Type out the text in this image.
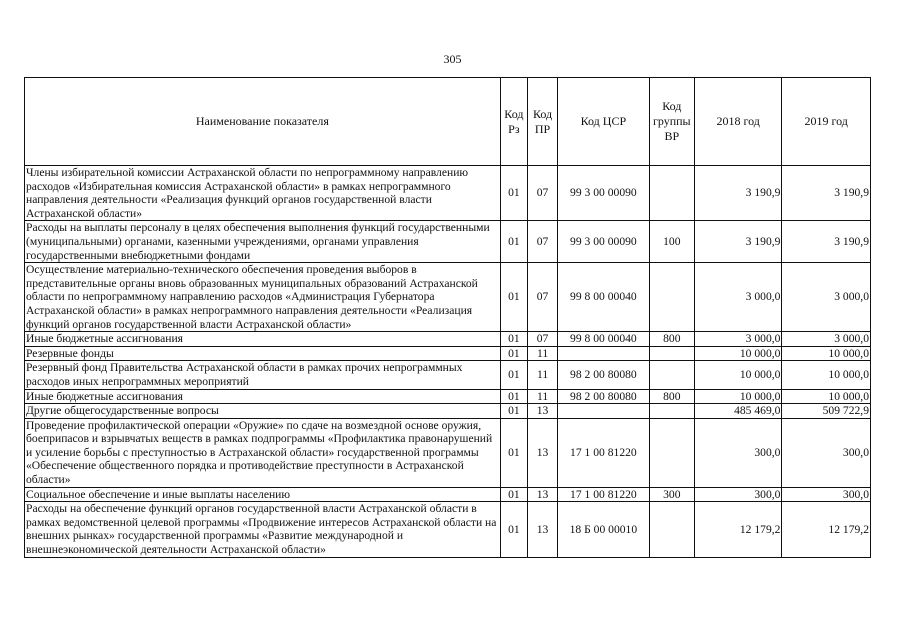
305
Наименование показателя	Код Рз	Код ПР	Код ЦСР	Код группы ВР	2018 год	2019 год
Члены избирательной комиссии Астраханской области по непрограммному направлению расходов «Избирательная комиссия Астраханской области» в рамках непрограммного направления деятельности «Реализация функций органов государственной власти Астраханской области»	01	07	99 3 00 00090		3 190,9	3 190,9
Расходы на выплаты персоналу в целях обеспечения выполнения функций государственными (муниципальными) органами, казенными учреждениями, органами управления государственными внебюджетными фондами	01	07	99 3 00 00090	100	3 190,9	3 190,9
Осуществление материально-технического обеспечения проведения выборов в представительные органы вновь образованных муниципальных образований Астраханской области по непрограммному направлению расходов «Администрация Губернатора Астраханской области» в рамках непрограммного направления деятельности «Реализация функций органов государственной власти Астраханской области»	01	07	99 8 00 00040		3 000,0	3 000,0
Иные бюджетные ассигнования	01	07	99 8 00 00040	800	3 000,0	3 000,0
Резервные фонды	01	11			10 000,0	10 000,0
Резервный фонд Правительства Астраханской области в рамках прочих непрограммных расходов иных непрограммных мероприятий	01	11	98 2 00 80080		10 000,0	10 000,0
Иные бюджетные ассигнования	01	11	98 2 00 80080	800	10 000,0	10 000,0
Другие общегосударственные вопросы	01	13			485 469,0	509 722,9
Проведение профилактической операции «Оружие» по сдаче на возмездной основе оружия, боеприпасов и взрывчатых веществ в рамках подпрограммы «Профилактика правонарушений и усиление борьбы с преступностью в Астраханской области» государственной программы «Обеспечение общественного порядка и противодействие преступности в Астраханской области»	01	13	17 1 00 81220		300,0	300,0
Социальное обеспечение и иные выплаты населению	01	13	17 1 00 81220	300	300,0	300,0
Расходы на обеспечение функций органов государственной власти Астраханской области в рамках ведомственной целевой программы «Продвижение интересов Астраханской области на внешних рынках» государственной программы «Развитие международной и внешнеэкономической деятельности Астраханской области»	01	13	18 Б 00 00010		12 179,2	12 179,2
